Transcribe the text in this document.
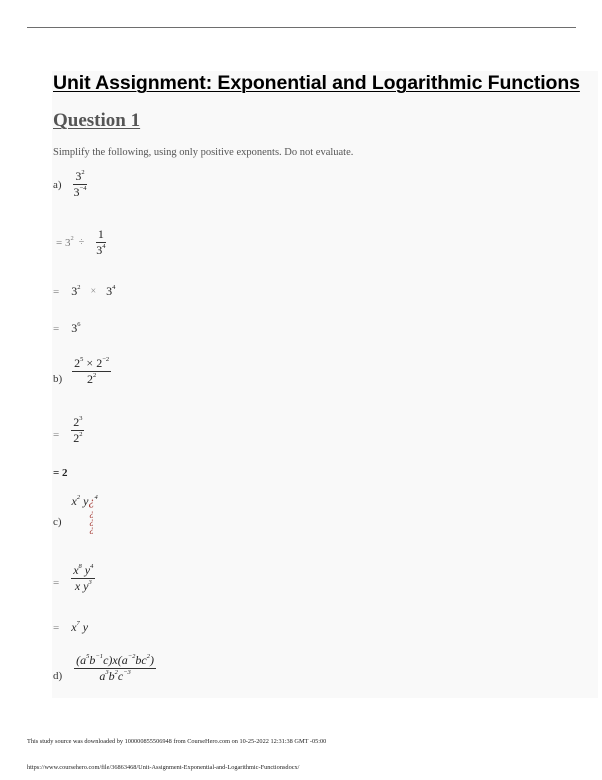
Unit Assignment: Exponential and Logarithmic Functions
Question 1

Simplify the following, using only positive exponents. Do not evaluate.

$a) \frac{3^2}{3^{-4}}$
= $3^2 \div \frac{1}{3^4}$
= $3^2 \times 3^4$
= $3^6$
$b) \frac{2^5 \times 2^{-2}}{2^2}$
= $\frac{2^3}{2^2}$
= 2
c)
$x^2$ y¿$^4$
¿
¿
¿
= $\frac{x^8 y^4}{x y^3}$
= $x^7$ y
$d) \frac{(a^5b^{-1}c)x(a^{-2}bc^2)}{a^3b^2c^{-3}}$
This study source was downloaded by 100000855506948 from CourseHero.com on 10-25-2022 12:31:38 GMT -05:00
https://www.coursehero.com/file/36863468/Unit-Assignment-Exponential-and-Logarithmic-Functionsdocx/
